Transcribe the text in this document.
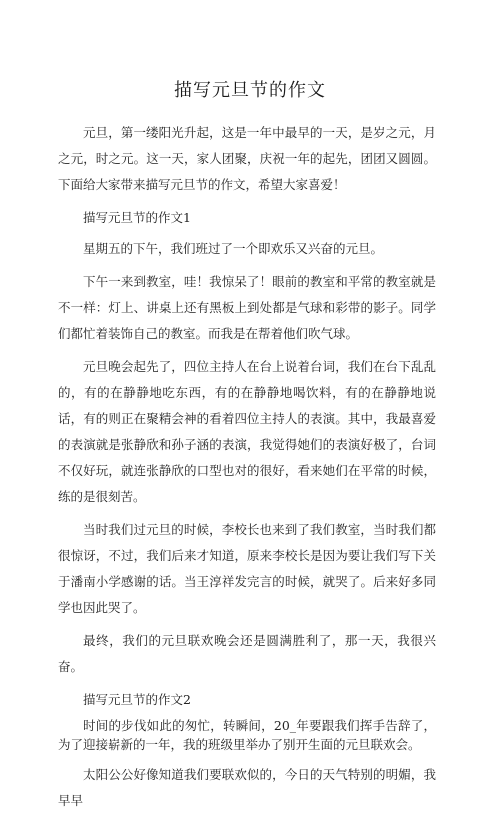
描写元旦节的作文

元旦，第一缕阳光升起，这是一年中最早的一天，是岁之元，月之元，时之元。这一天，家人团聚，庆祝一年的起先，团团又圆圆。下面给大家带来描写元旦节的作文，希望大家喜爱！

描写元旦节的作文1

星期五的下午，我们班过了一个即欢乐又兴奋的元旦。

下午一来到教室，哇！我惊呆了！眼前的教室和平常的教室就是不一样：灯上、讲桌上还有黑板上到处都是气球和彩带的影子。同学们都忙着装饰自己的教室。而我是在帮着他们吹气球。

元旦晚会起先了，四位主持人在台上说着台词，我们在台下乱乱的，有的在静静地吃东西，有的在静静地喝饮料，有的在静静地说话，有的则正在聚精会神的看着四位主持人的表演。其中，我最喜爱的表演就是张静欣和孙子涵的表演，我觉得她们的表演好极了，台词不仅好玩，就连张静欣的口型也对的很好，看来她们在平常的时候，练的是很刻苦。

当时我们过元旦的时候，李校长也来到了我们教室，当时我们都很惊讶，不过，我们后来才知道，原来李校长是因为要让我们写下关于潘南小学感谢的话。当王淳祥发完言的时候，就哭了。后来好多同学也因此哭了。

最终，我们的元旦联欢晚会还是圆满胜利了，那一天，我很兴奋。

描写元旦节的作文2

时间的步伐如此的匆忙，转瞬间，20_年要跟我们挥手告辞了，为了迎接崭新的一年，我的班级里举办了别开生面的元旦联欢会。

太阳公公好像知道我们要联欢似的，今日的天气特别的明媚，我早早
